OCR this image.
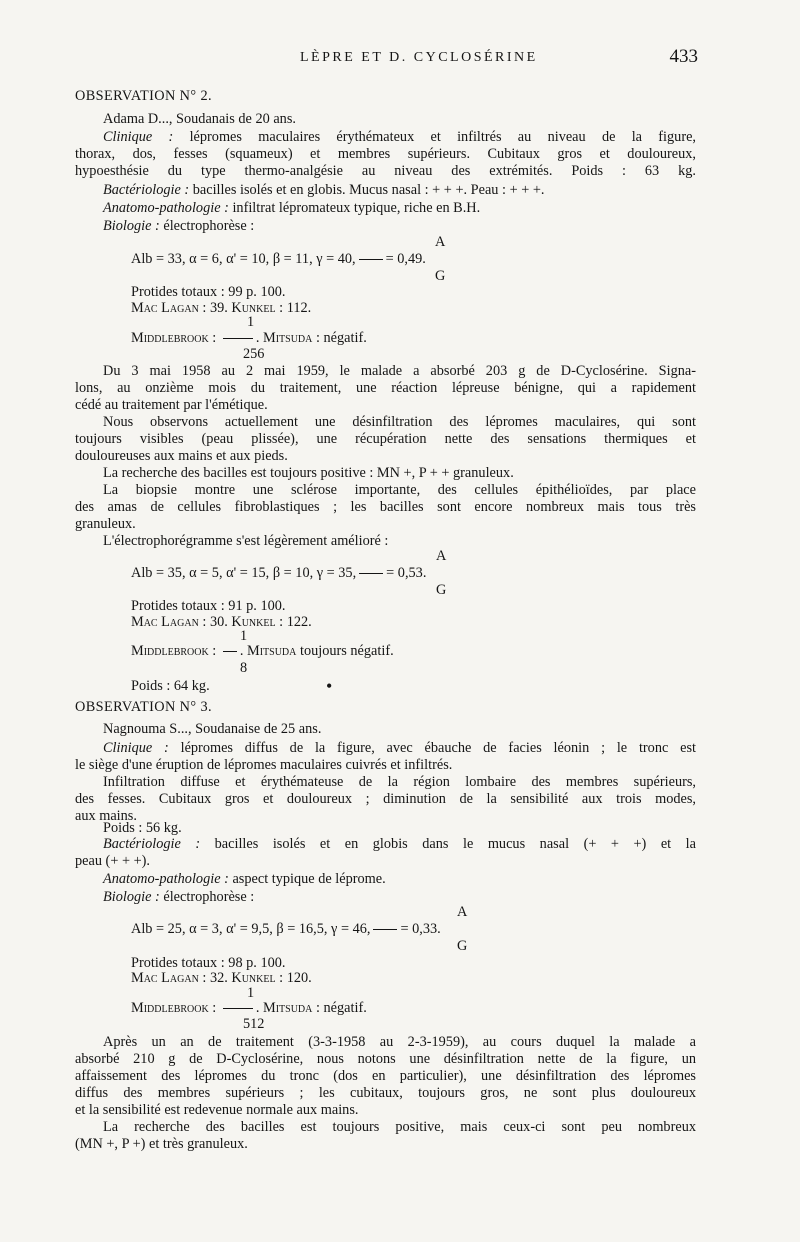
LÈPRE ET D. CYCLOSÉRINE	433
OBSERVATION N° 2.
Adama D..., Soudanais de 20 ans.
Clinique : lépromes maculaires érythémateux et infiltrés au niveau de la figure,
thorax, dos, fesses (squameux) et membres supérieurs. Cubitaux gros et douloureux,
hypoesthésie du type thermo-analgésie au niveau des extrémités. Poids : 63 kg.
Bactériologie : bacilles isolés et en globis. Mucus nasal : + + +. Peau : + + +.
Anatomo-pathologie : infiltrat lépromateux typique, riche en B.H.
Biologie : électrophorèse :
A
Alb = 33, α = 6, α' = 10, β = 11, γ = 40, = 0,49.
G
Protides totaux : 99 p. 100.
Mac Lagan : 39. Kunkel : 112.
1
Middlebrook :	. Mitsuda : négatif.
256
Du 3 mai 1958 au 2 mai 1959, le malade a absorbé 203 g de D-Cyclosérine. Signa-
lons, au onzième mois du traitement, une réaction lépreuse bénigne, qui a rapidement
cédé au traitement par l'émétique.
Nous observons actuellement une désinfiltration des lépromes maculaires, qui sont
toujours visibles (peau plissée), une récupération nette des sensations thermiques et
douloureuses aux mains et aux pieds.
La recherche des bacilles est toujours positive : MN +, P + + granuleux.
La biopsie montre une sclérose importante, des cellules épithélioïdes, par place
des amas de cellules fibroblastiques ; les bacilles sont encore nombreux mais tous très
granuleux.
L'électrophorégramme s'est légèrement amélioré :
A
Alb = 35, α = 5, α' = 15, β = 10, γ = 35, = 0,53.
G
Protides totaux : 91 p. 100.
Mac Lagan : 30. Kunkel : 122.
1
Middlebrook : . Mitsuda toujours négatif.
8
Poids : 64 kg.	•
OBSERVATION N° 3.
Nagnouma S..., Soudanaise de 25 ans.
Clinique : lépromes diffus de la figure, avec ébauche de facies léonin ; le tronc est
le siège d'une éruption de lépromes maculaires cuivrés et infiltrés.
Infiltration diffuse et érythémateuse de la région lombaire des membres supérieurs,
des fesses. Cubitaux gros et douloureux ; diminution de la sensibilité aux trois modes,
aux mains.
Poids : 56 kg.
Bactériologie : bacilles isolés et en globis dans le mucus nasal (+ + +) et la
peau (+ + +).
Anatomo-pathologie : aspect typique de léprome.
Biologie : électrophorèse :
A
Alb = 25, α = 3, α' = 9,5, β = 16,5, γ = 46, = 0,33.
G
Protides totaux : 98 p. 100.
Mac Lagan : 32. Kunkel : 120.
1
Middlebrook :	. Mitsuda : négatif.
512
Après un an de traitement (3-3-1958 au 2-3-1959), au cours duquel la malade a
absorbé 210 g de D-Cyclosérine, nous notons une désinfiltration nette de la figure, un
affaissement des lépromes du tronc (dos en particulier), une désinfiltration des lépromes
diffus des membres supérieurs ; les cubitaux, toujours gros, ne sont plus douloureux
et la sensibilité est redevenue normale aux mains.
La recherche des bacilles est toujours positive, mais ceux-ci sont peu nombreux
(MN +, P +) et très granuleux.
